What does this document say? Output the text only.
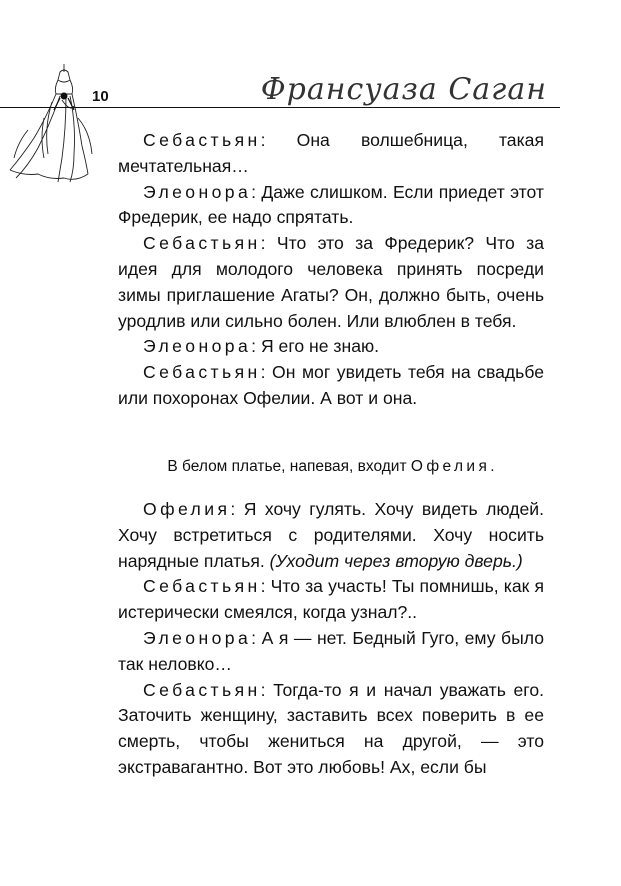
10	Франсуаза Саган

Себастьян: Она волшебница, такая мечтательная…

Элеонора: Даже слишком. Если приедет этот Фредерик, ее надо спрятать.

Себастьян: Что это за Фредерик? Что за идея для молодого человека принять посреди зимы приглашение Агаты? Он, должно быть, очень уродлив или сильно болен. Или влюблен в тебя.

Элеонора: Я его не знаю.

Себастьян: Он мог увидеть тебя на свадьбе или похоронах Офелии. А вот и она.

В белом платье, напевая, входит Офелия.

Офелия: Я хочу гулять. Хочу видеть людей. Хочу встретиться с родителями. Хочу носить нарядные платья. (Уходит через вторую дверь.)

Себастьян: Что за участь! Ты помнишь, как я истерически смеялся, когда узнал?..

Элеонора: А я — нет. Бедный Гуго, ему было так неловко…

Себастьян: Тогда-то я и начал уважать его. Заточить женщину, заставить всех поверить в ее смерть, чтобы жениться на другой, — это экстравагантно. Вот это любовь! Ах, если бы
